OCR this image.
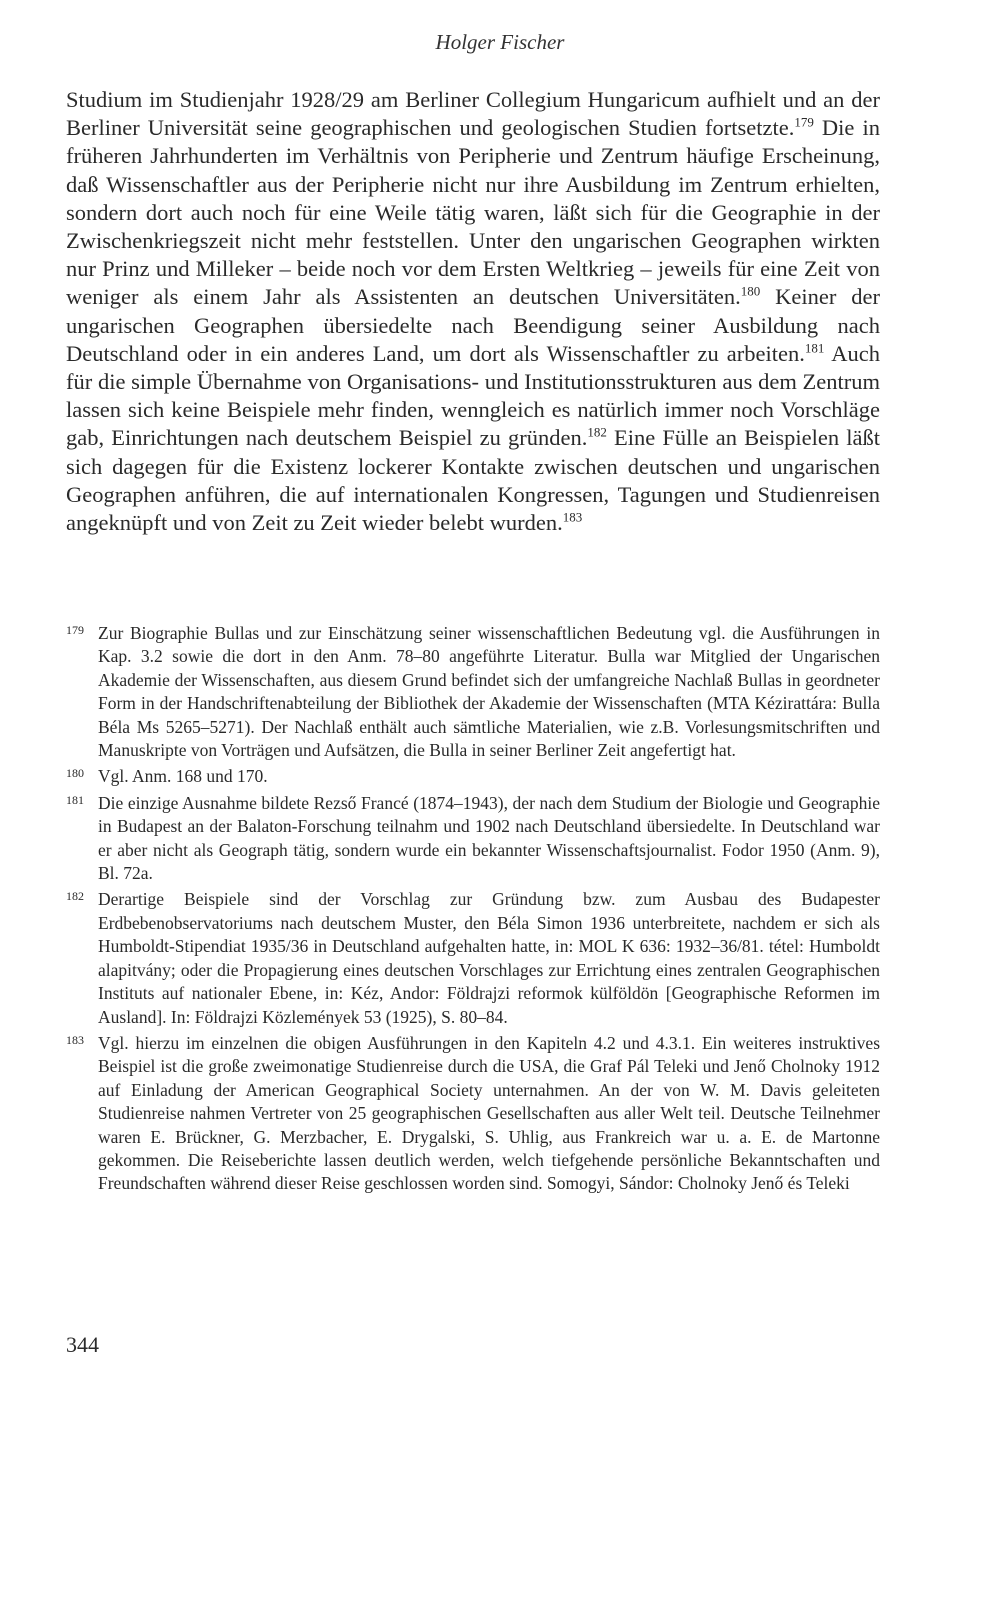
Holger Fischer

Studium im Studienjahr 1928/29 am Berliner Collegium Hungaricum aufhielt und an der Berliner Universität seine geographischen und geologischen Studien fortsetzte.$^{179}$ Die in früheren Jahrhunderten im Verhältnis von Peripherie und Zentrum häufige Erscheinung, daß Wissenschaftler aus der Peripherie nicht nur ihre Ausbildung im Zentrum erhielten, sondern dort auch noch für eine Weile tätig waren, läßt sich für die Geographie in der Zwischenkriegszeit nicht mehr feststellen. Unter den ungarischen Geographen wirkten nur Prinz und Milleker – beide noch vor dem Ersten Weltkrieg – jeweils für eine Zeit von weniger als einem Jahr als Assistenten an deutschen Universitäten.$^{180}$ Keiner der ungarischen Geographen übersiedelte nach Beendigung seiner Ausbildung nach Deutschland oder in ein anderes Land, um dort als Wissenschaftler zu arbeiten.$^{181}$ Auch für die simple Übernahme von Organisations- und Institutionsstrukturen aus dem Zentrum lassen sich keine Beispiele mehr finden, wenngleich es natürlich immer noch Vorschläge gab, Einrichtungen nach deutschem Beispiel zu gründen.$^{182}$ Eine Fülle an Beispielen läßt sich dagegen für die Existenz lockerer Kontakte zwischen deutschen und ungarischen Geographen anführen, die auf internationalen Kongressen, Tagungen und Studienreisen angeknüpft und von Zeit zu Zeit wieder belebt wurden.$^{183}$

179 Zur Biographie Bullas und zur Einschätzung seiner wissenschaftlichen Bedeutung vgl. die Ausführungen in Kap. 3.2 sowie die dort in den Anm. 78–80 angeführte Literatur. Bulla war Mitglied der Ungarischen Akademie der Wissenschaften, aus diesem Grund befindet sich der umfangreiche Nachlaß Bullas in geordneter Form in der Handschriftenabteilung der Bibliothek der Akademie der Wissenschaften (MTA Kézirattára: Bulla Béla Ms 5265–5271). Der Nachlaß enthält auch sämtliche Materialien, wie z.B. Vorlesungsmitschriften und Manuskripte von Vorträgen und Aufsätzen, die Bulla in seiner Berliner Zeit angefertigt hat.
180 Vgl. Anm. 168 und 170.
181 Die einzige Ausnahme bildete Rezső Francé (1874–1943), der nach dem Studium der Biologie und Geographie in Budapest an der Balaton-Forschung teilnahm und 1902 nach Deutschland übersiedelte. In Deutschland war er aber nicht als Geograph tätig, sondern wurde ein bekannter Wissenschaftsjournalist. Fodor 1950 (Anm. 9), Bl. 72a.
182 Derartige Beispiele sind der Vorschlag zur Gründung bzw. zum Ausbau des Budapester Erdbebenobservatoriums nach deutschem Muster, den Béla Simon 1936 unterbreitete, nachdem er sich als Humboldt-Stipendiat 1935/36 in Deutschland aufgehalten hatte, in: MOL K 636: 1932–36/81. tétel: Humboldt alapitvány; oder die Propagierung eines deutschen Vorschlages zur Errichtung eines zentralen Geographischen Instituts auf nationaler Ebene, in: Kéz, Andor: Földrajzi reformok külföldön [Geographische Reformen im Ausland]. In: Földrajzi Közlemények 53 (1925), S. 80–84.
183 Vgl. hierzu im einzelnen die obigen Ausführungen in den Kapiteln 4.2 und 4.3.1. Ein weiteres instruktives Beispiel ist die große zweimonatige Studienreise durch die USA, die Graf Pál Teleki und Jenő Cholnoky 1912 auf Einladung der American Geographical Society unternahmen. An der von W. M. Davis geleiteten Studienreise nahmen Vertreter von 25 geographischen Gesellschaften aus aller Welt teil. Deutsche Teilnehmer waren E. Brückner, G. Merzbacher, E. Drygalski, S. Uhlig, aus Frankreich war u. a. E. de Martonne gekommen. Die Reiseberichte lassen deutlich werden, welch tiefgehende persönliche Bekanntschaften und Freundschaften während dieser Reise geschlossen worden sind. Somogyi, Sándor: Cholnoky Jenő és Teleki
344
